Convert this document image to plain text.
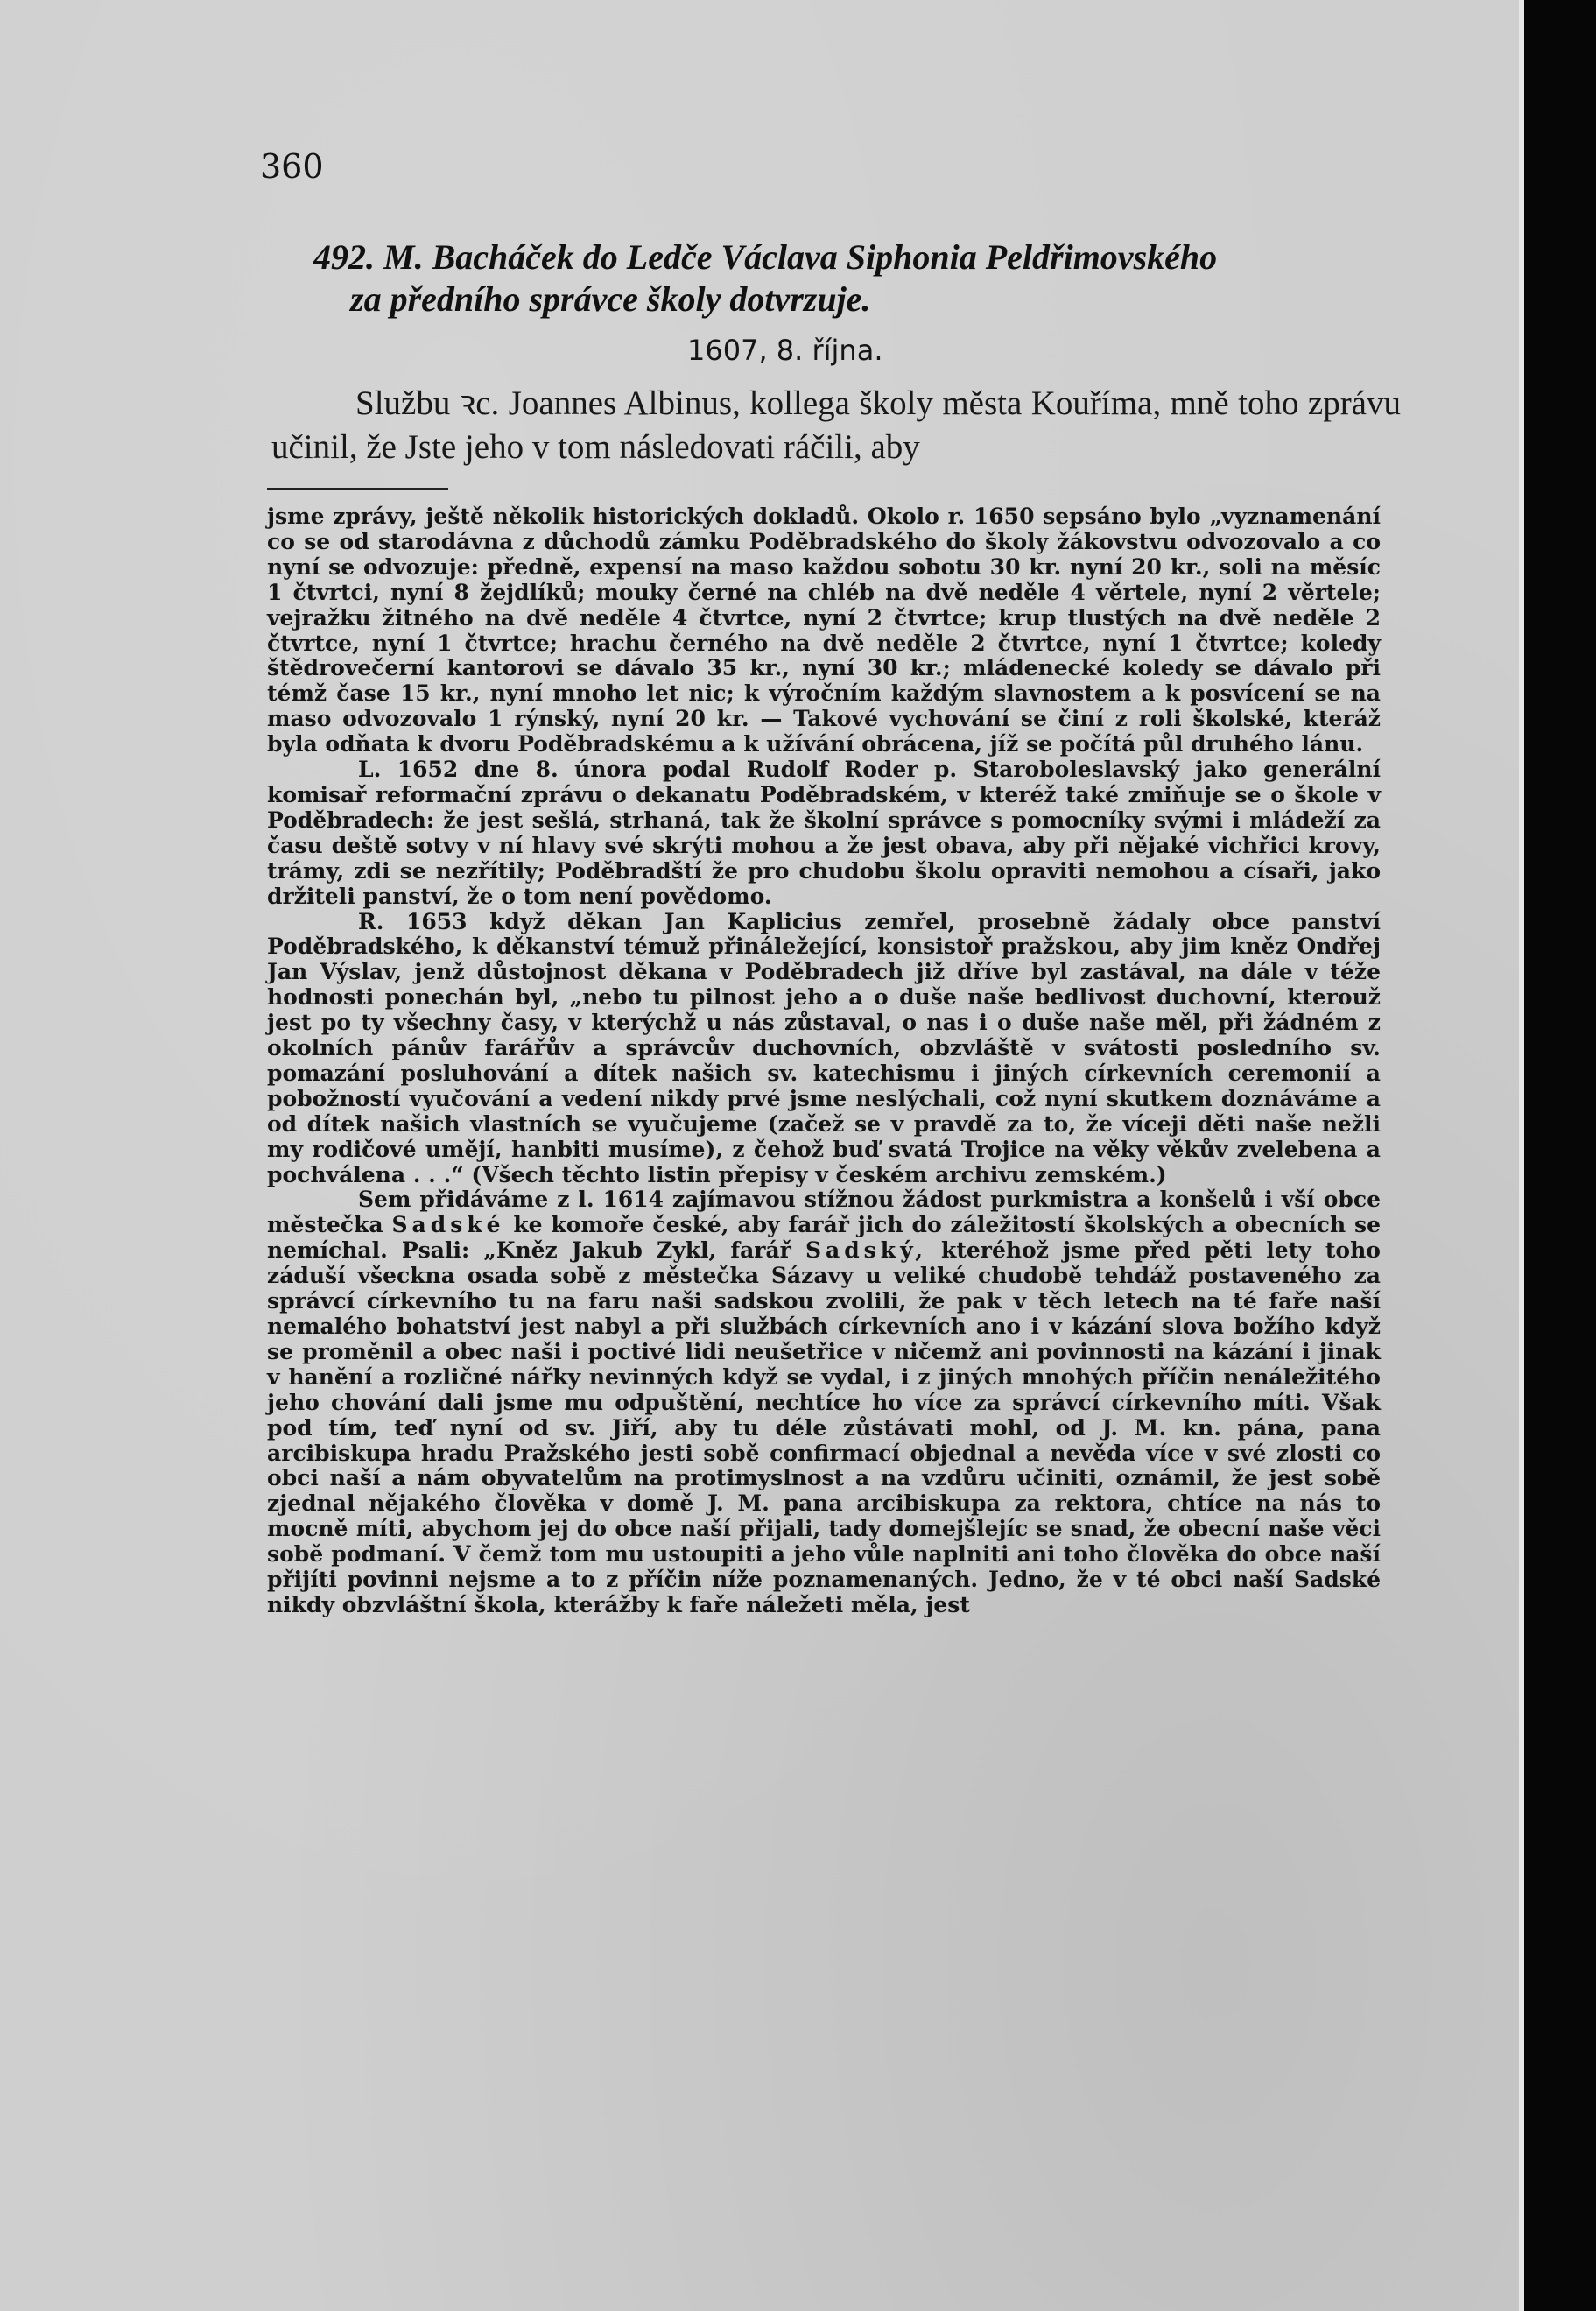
360
492. M. Bacháček do Ledče Václava Siphonia Peldřimovského
za předního správce školy dotvrzuje.
1607, 8. října.

Službu ꝛc. Joannes Albinus, kollega školy města Kouříma, mně toho zprávu učinil, že Jste jeho v tom následovati ráčili, aby

jsme zprávy, ještě několik historických dokladů. Okolo r. 1650 sepsáno bylo „vyznamenání co se od starodávna z důchodů zámku Poděbradského do školy žákovstvu odvozovalo a co nyní se odvozuje: předně, expensí na maso každou sobotu 30 kr. nyní 20 kr., soli na měsíc 1 čtvrtci, nyní 8 žejdlíků; mouky černé na chléb na dvě neděle 4 věrtele, nyní 2 věrtele; vejražku žitného na dvě neděle 4 čtvrtce, nyní 2 čtvrtce; krup tlustých na dvě neděle 2 čtvrtce, nyní 1 čtvrtce; hrachu černého na dvě neděle 2 čtvrtce, nyní 1 čtvrtce; koledy štědrovečerní kantorovi se dávalo 35 kr., nyní 30 kr.; mládenecké koledy se dávalo při témž čase 15 kr., nyní mnoho let nic; k výročním každým slavnostem a k posvícení se na maso odvozovalo 1 rýnský, nyní 20 kr. — Takové vychování se činí z roli školské, kteráž byla odňata k dvoru Poděbradskému a k užívání obrácena, jíž se počítá půl druhého lánu.

L. 1652 dne 8. února podal Rudolf Roder p. Staroboleslavský jako generální komisař reformační zprávu o dekanatu Poděbradském, v kteréž také zmiňuje se o škole v Poděbradech: že jest sešlá, strhaná, tak že školní správce s pomocníky svými i mládeží za času deště sotvy v ní hlavy své skrýti mohou a že jest obava, aby při nějaké vichřici krovy, trámy, zdi se nezřítily; Poděbradští že pro chudobu školu opraviti nemohou a císaři, jako držiteli panství, že o tom není povědomo.

R. 1653 když děkan Jan Kaplicius zemřel, prosebně žádaly obce panství Poděbradského, k děkanství témuž přináležející, konsistoř pražskou, aby jim kněz Ondřej Jan Výslav, jenž důstojnost děkana v Poděbradech již dříve byl zastával, na dále v téže hodnosti ponechán byl, „nebo tu pilnost jeho a o duše naše bedlivost duchovní, kterouž jest po ty všechny časy, v kterýchž u nás zůstaval, o nas i o duše naše měl, při žádném z okolních pánův farářův a správcův duchovních, obzvláště v svátosti posledního sv. pomazání posluhování a dítek našich sv. katechismu i jiných církevních ceremonií a pobožností vyučování a vedení nikdy prvé jsme neslýchali, což nyní skutkem doznáváme a od dítek našich vlastních se vyučujeme (začež se v pravdě za to, že víceji děti naše nežli my rodičové umějí, hanbiti musíme), z čehož buď svatá Trojice na věky věkův zvelebena a pochválena . . .“ (Všech těchto listin přepisy v českém archivu zemském.)

Sem přidáváme z l. 1614 zajímavou stížnou žádost purkmistra a konšelů i vší obce městečka Sadské ke komoře české, aby farář jich do záležitostí školských a obecních se nemíchal. Psali: „Kněz Jakub Zykl, farář Sadský, kteréhož jsme před pěti lety toho záduší všeckna osada sobě z městečka Sázavy u veliké chudobě tehdáž postaveného za správcí církevního tu na faru naši sadskou zvolili, že pak v těch letech na té faře naší nemalého bohatství jest nabyl a při službách církevních ano i v kázání slova božího když se proměnil a obec naši i poctivé lidi neušetřice v ničemž ani povinnosti na kázání i jinak v hanění a rozličné nářky nevinných když se vydal, i z jiných mnohých příčin nenáležitého jeho chování dali jsme mu odpuštění, nechtíce ho více za správcí církevního míti. Však pod tím, teď nyní od sv. Jiří, aby tu déle zůstávati mohl, od J. M. kn. pána, pana arcibiskupa hradu Pražského jesti sobě confirmací objednal a nevěda více v své zlosti co obci naší a nám obyvatelům na protimyslnost a na vzdůru učiniti, oznámil, že jest sobě zjednal nějakého člověka v domě J. M. pana arcibiskupa za rektora, chtíce na nás to mocně míti, abychom jej do obce naší přijali, tady domejšlejíc se snad, že obecní naše věci sobě podmaní. V čemž tom mu ustoupiti a jeho vůle naplniti ani toho člověka do obce naší přijíti povinni nejsme a to z příčin níže poznamenaných. Jedno, že v té obci naší Sadské nikdy obzvláštní škola, kterážby k faře náležeti měla, jest
